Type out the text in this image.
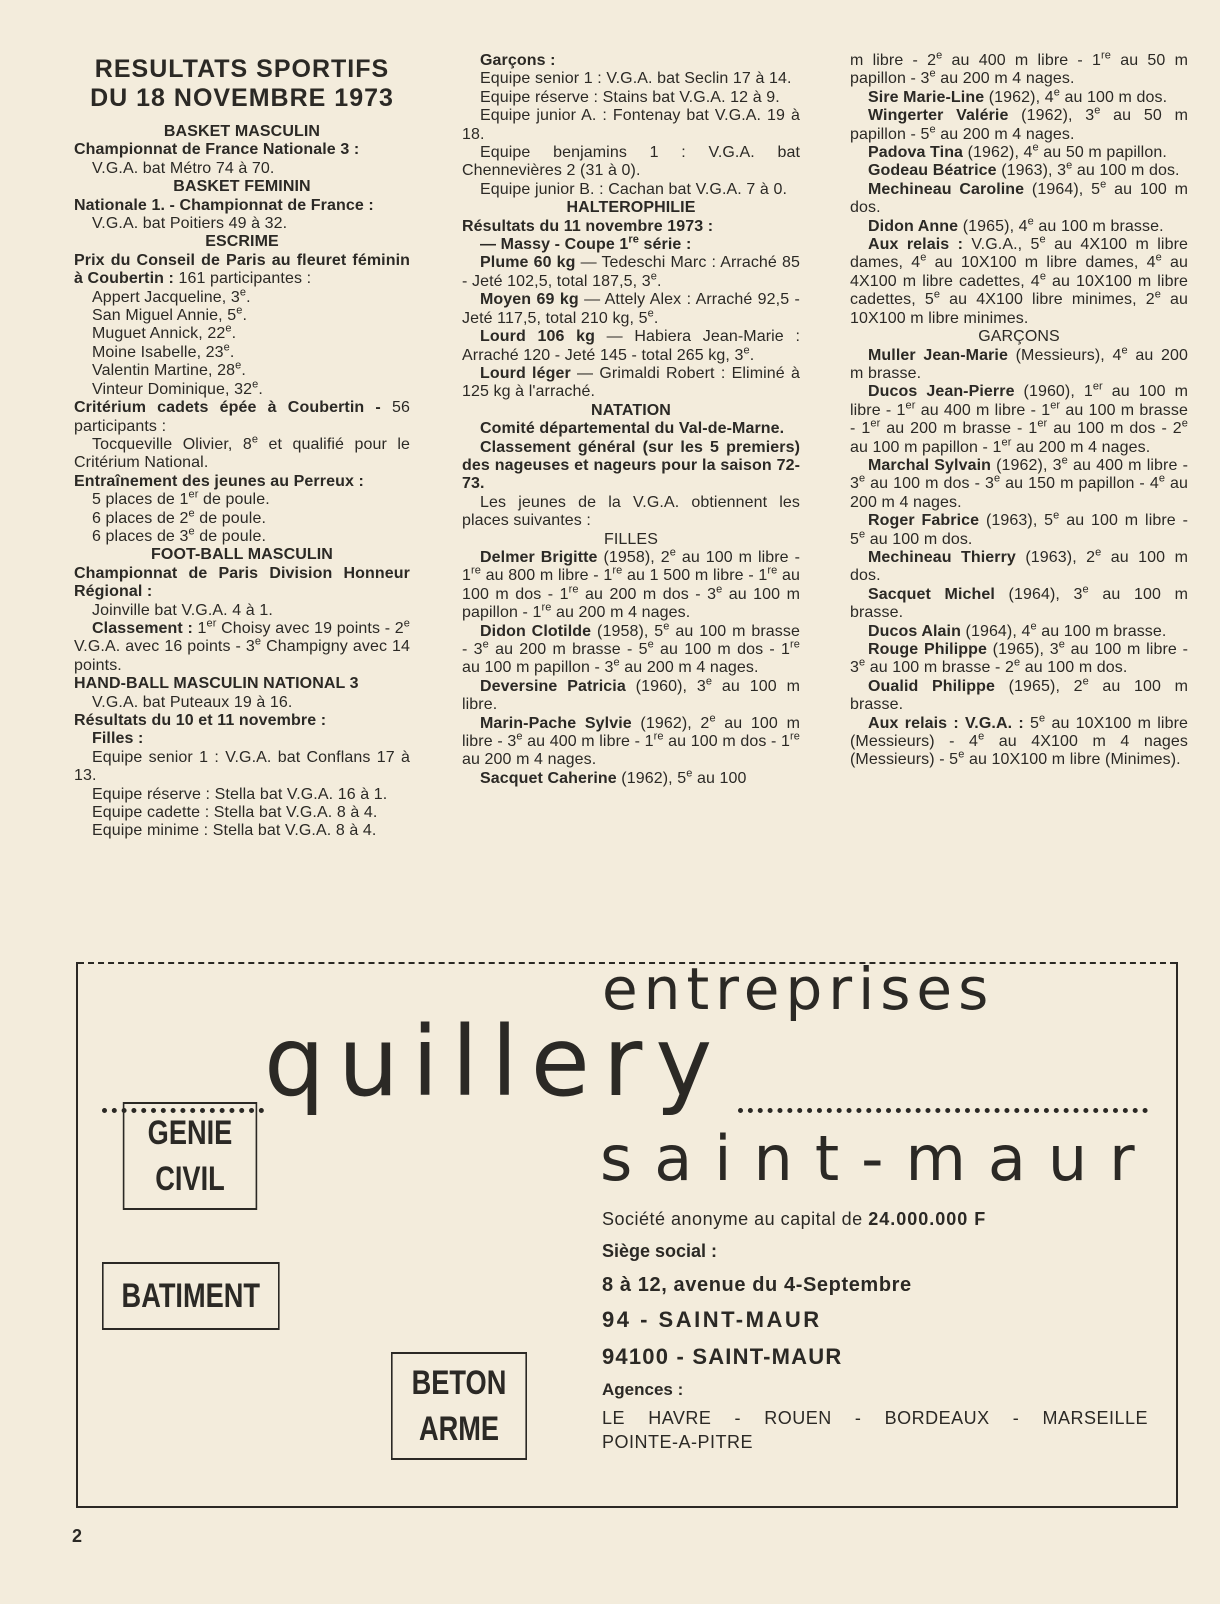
RESULTATS SPORTIFS
DU 18 NOVEMBRE 1973

BASKET MASCULIN

Championnat de France Nationale 3 :

V.G.A. bat Métro 74 à 70.

BASKET FEMININ

Nationale 1. - Championnat de France :

V.G.A. bat Poitiers 49 à 32.

ESCRIME

Prix du Conseil de Paris au fleuret féminin à Coubertin : 161 participantes :

Appert Jacqueline, 3e.

San Miguel Annie, 5e.

Muguet Annick, 22e.

Moine Isabelle, 23e.

Valentin Martine, 28e.

Vinteur Dominique, 32e.

Critérium cadets épée à Coubertin - 56 participants :

Tocqueville Olivier, 8e et qualifié pour le Critérium National.

Entraînement des jeunes au Perreux :

5 places de 1er de poule.

6 places de 2e de poule.

6 places de 3e de poule.

FOOT-BALL MASCULIN

Championnat de Paris Division Honneur Régional :

Joinville bat V.G.A. 4 à 1.

Classement : 1er Choisy avec 19 points - 2e V.G.A. avec 16 points - 3e Champigny avec 14 points.

HAND-BALL MASCULIN NATIONAL 3

V.G.A. bat Puteaux 19 à 16.

Résultats du 10 et 11 novembre :

Filles :

Equipe senior 1 : V.G.A. bat Conflans 17 à 13.

Equipe réserve : Stella bat V.G.A. 16 à 1.

Equipe cadette : Stella bat V.G.A. 8 à 4.

Equipe minime : Stella bat V.G.A. 8 à 4.

Garçons :

Equipe senior 1 : V.G.A. bat Seclin 17 à 14.

Equipe réserve : Stains bat V.G.A. 12 à 9.

Equipe junior A. : Fontenay bat V.G.A. 19 à 18.

Equipe benjamins 1 : V.G.A. bat Chennevières 2 (31 à 0).

Equipe junior B. : Cachan bat V.G.A. 7 à 0.

HALTEROPHILIE

Résultats du 11 novembre 1973 :

— Massy - Coupe 1re série :

Plume 60 kg — Tedeschi Marc : Arraché 85 - Jeté 102,5, total 187,5, 3e.

Moyen 69 kg — Attely Alex : Arraché 92,5 - Jeté 117,5, total 210 kg, 5e.

Lourd 106 kg — Habiera Jean-Marie : Arraché 120 - Jeté 145 - total 265 kg, 3e.

Lourd léger — Grimaldi Robert : Eliminé à 125 kg à l'arraché.

NATATION

Comité départemental du Val-de-Marne.

Classement général (sur les 5 premiers) des nageuses et nageurs pour la saison 72-73.

Les jeunes de la V.G.A. obtiennent les places suivantes :

FILLES

Delmer Brigitte (1958), 2e au 100 m libre - 1re au 800 m libre - 1re au 1 500 m libre - 1re au 100 m dos - 1re au 200 m dos - 3e au 100 m papillon - 1re au 200 m 4 nages.

Didon Clotilde (1958), 5e au 100 m brasse - 3e au 200 m brasse - 5e au 100 m dos - 1re au 100 m papillon - 3e au 200 m 4 nages.

Deversine Patricia (1960), 3e au 100 m libre.

Marin-Pache Sylvie (1962), 2e au 100 m libre - 3e au 400 m libre - 1re au 100 m dos - 1re au 200 m 4 nages.

Sacquet Caherine (1962), 5e au 100

m libre - 2e au 400 m libre - 1re au 50 m papillon - 3e au 200 m 4 nages.

Sire Marie-Line (1962), 4e au 100 m dos.

Wingerter Valérie (1962), 3e au 50 m papillon - 5e au 200 m 4 nages.

Padova Tina (1962), 4e au 50 m papillon.

Godeau Béatrice (1963), 3e au 100 m dos.

Mechineau Caroline (1964), 5e au 100 m dos.

Didon Anne (1965), 4e au 100 m brasse.

Aux relais : V.G.A., 5e au 4X100 m libre dames, 4e au 10X100 m libre dames, 4e au 4X100 m libre cadettes, 4e au 10X100 m libre cadettes, 5e au 4X100 libre minimes, 2e au 10X100 m libre minimes.

GARÇONS

Muller Jean-Marie (Messieurs), 4e au 200 m brasse.

Ducos Jean-Pierre (1960), 1er au 100 m libre - 1er au 400 m libre - 1er au 100 m brasse - 1er au 200 m brasse - 1er au 100 m dos - 2e au 100 m papillon - 1er au 200 m 4 nages.

Marchal Sylvain (1962), 3e au 400 m libre - 3e au 100 m dos - 3e au 150 m papillon - 4e au 200 m 4 nages.

Roger Fabrice (1963), 5e au 100 m libre - 5e au 100 m dos.

Mechineau Thierry (1963), 2e au 100 m dos.

Sacquet Michel (1964), 3e au 100 m brasse.

Ducos Alain (1964), 4e au 100 m brasse.

Rouge Philippe (1965), 3e au 100 m libre - 3e au 100 m brasse - 2e au 100 m dos.

Oualid Philippe (1965), 2e au 100 m brasse.

Aux relais : V.G.A. : 5e au 10X100 m libre (Messieurs) - 4e au 4X100 m 4 nages (Messieurs) - 5e au 10X100 m libre (Minimes).

entreprises
quillery
saint-maur
GENIE
CIVIL
BATIMENT
BETON
ARME
Société anonyme au capital de 24.000.000 F
Siège social :
8 à 12, avenue du 4-Septembre
94 - SAINT-MAUR
94100 - SAINT-MAUR
Agences :
LE HAVRE - ROUEN - BORDEAUX - MARSEILLE
POINTE-A-PITRE
2
